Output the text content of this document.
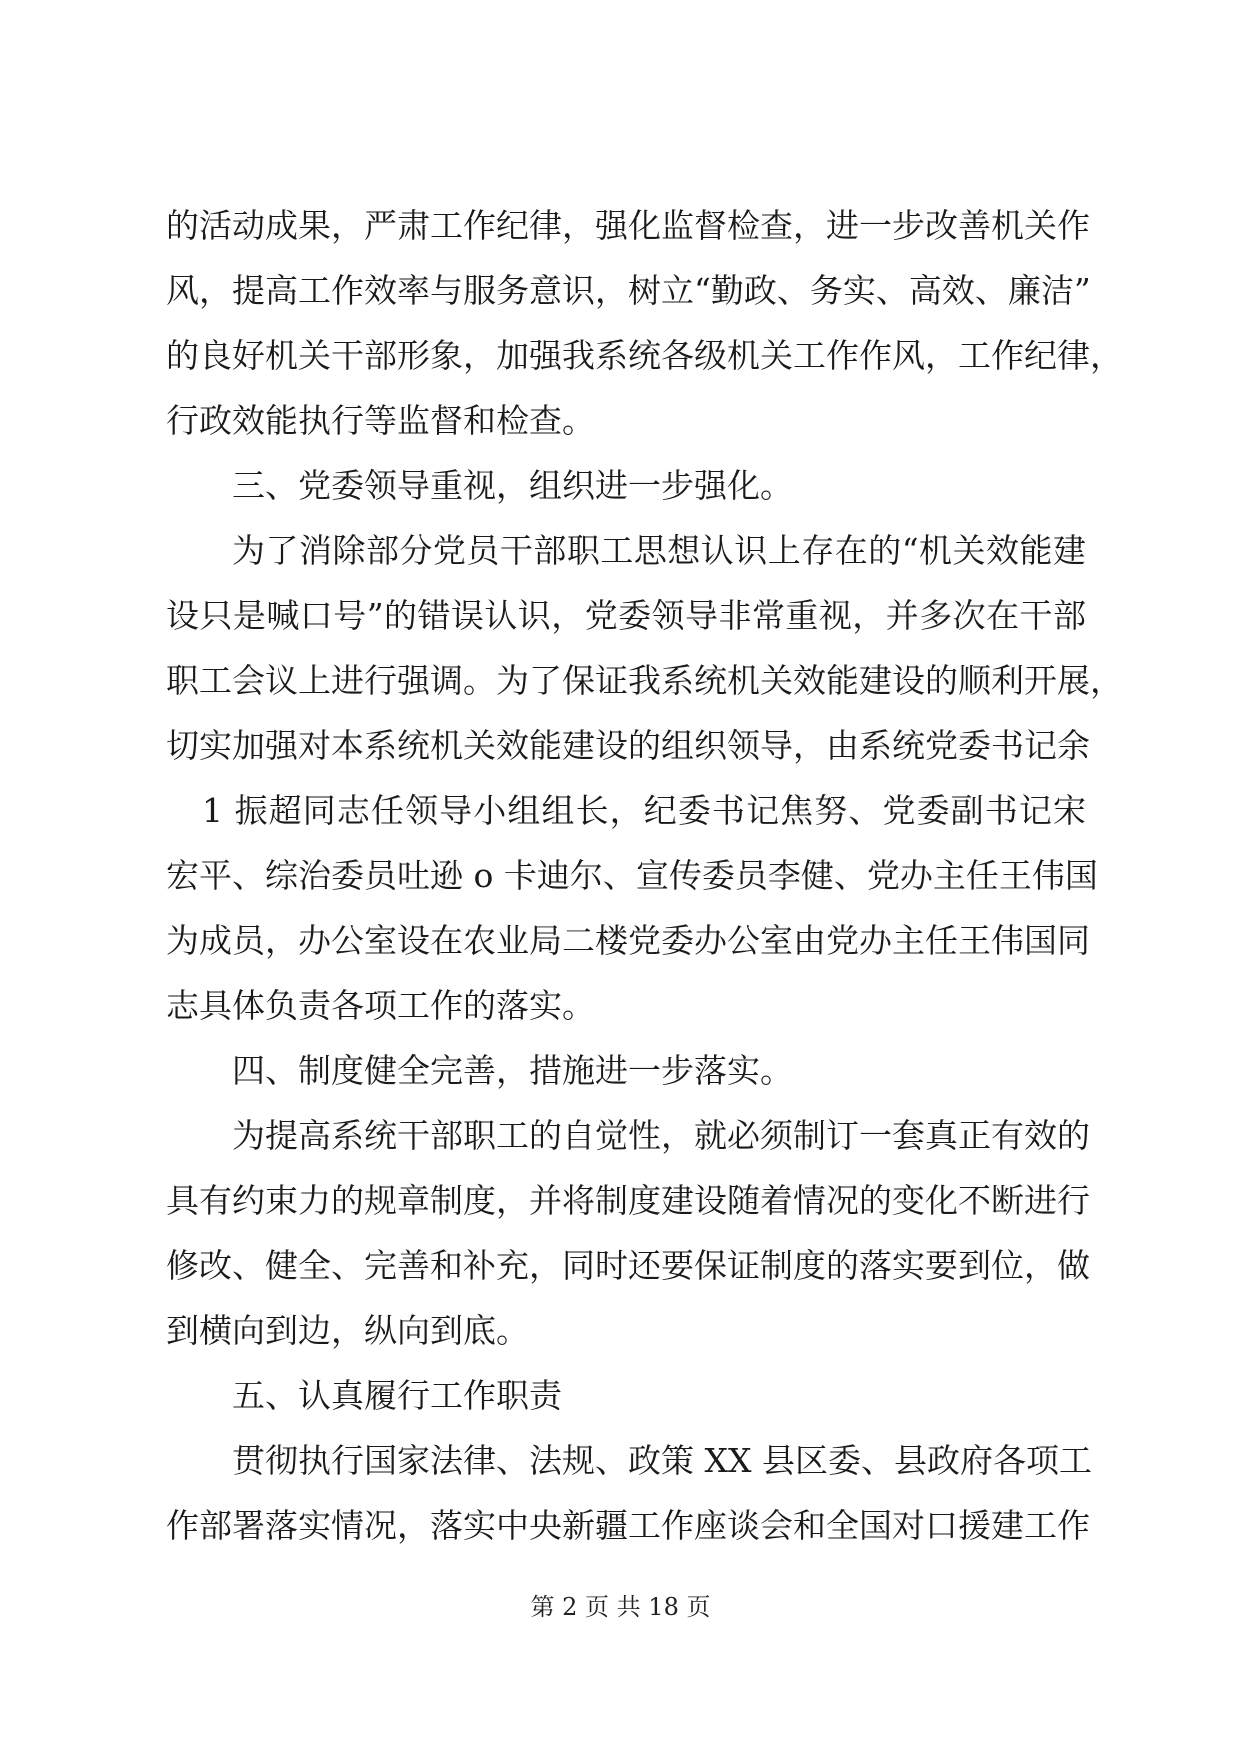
的活动成果，严肃工作纪律，强化监督检查，进一步改善机关作
风，提高工作效率与服务意识，树立“勤政、务实、高效、廉洁”
的良好机关干部形象，加强我系统各级机关工作作风，工作纪律，
行政效能执行等监督和检查。
三、党委领导重视，组织进一步强化。
为了消除部分党员干部职工思想认识上存在的“机关效能建
设只是喊口号”的错误认识，党委领导非常重视，并多次在干部
职工会议上进行强调。为了保证我系统机关效能建设的顺利开展，
切实加强对本系统机关效能建设的组织领导，由系统党委书记余
1 振超同志任领导小组组长，纪委书记焦努、党委副书记宋
宏平、综治委员吐逊 o 卡迪尔、宣传委员李健、党办主任王伟国
为成员，办公室设在农业局二楼党委办公室由党办主任王伟国同
志具体负责各项工作的落实。
四、制度健全完善，措施进一步落实。
为提高系统干部职工的自觉性，就必须制订一套真正有效的
具有约束力的规章制度，并将制度建设随着情况的变化不断进行
修改、健全、完善和补充，同时还要保证制度的落实要到位，做
到横向到边，纵向到底。
五、认真履行工作职责
贯彻执行国家法律、法规、政策 XX 县区委、县政府各项工
作部署落实情况，落实中央新疆工作座谈会和全国对口援建工作
第 2 页 共 18 页
